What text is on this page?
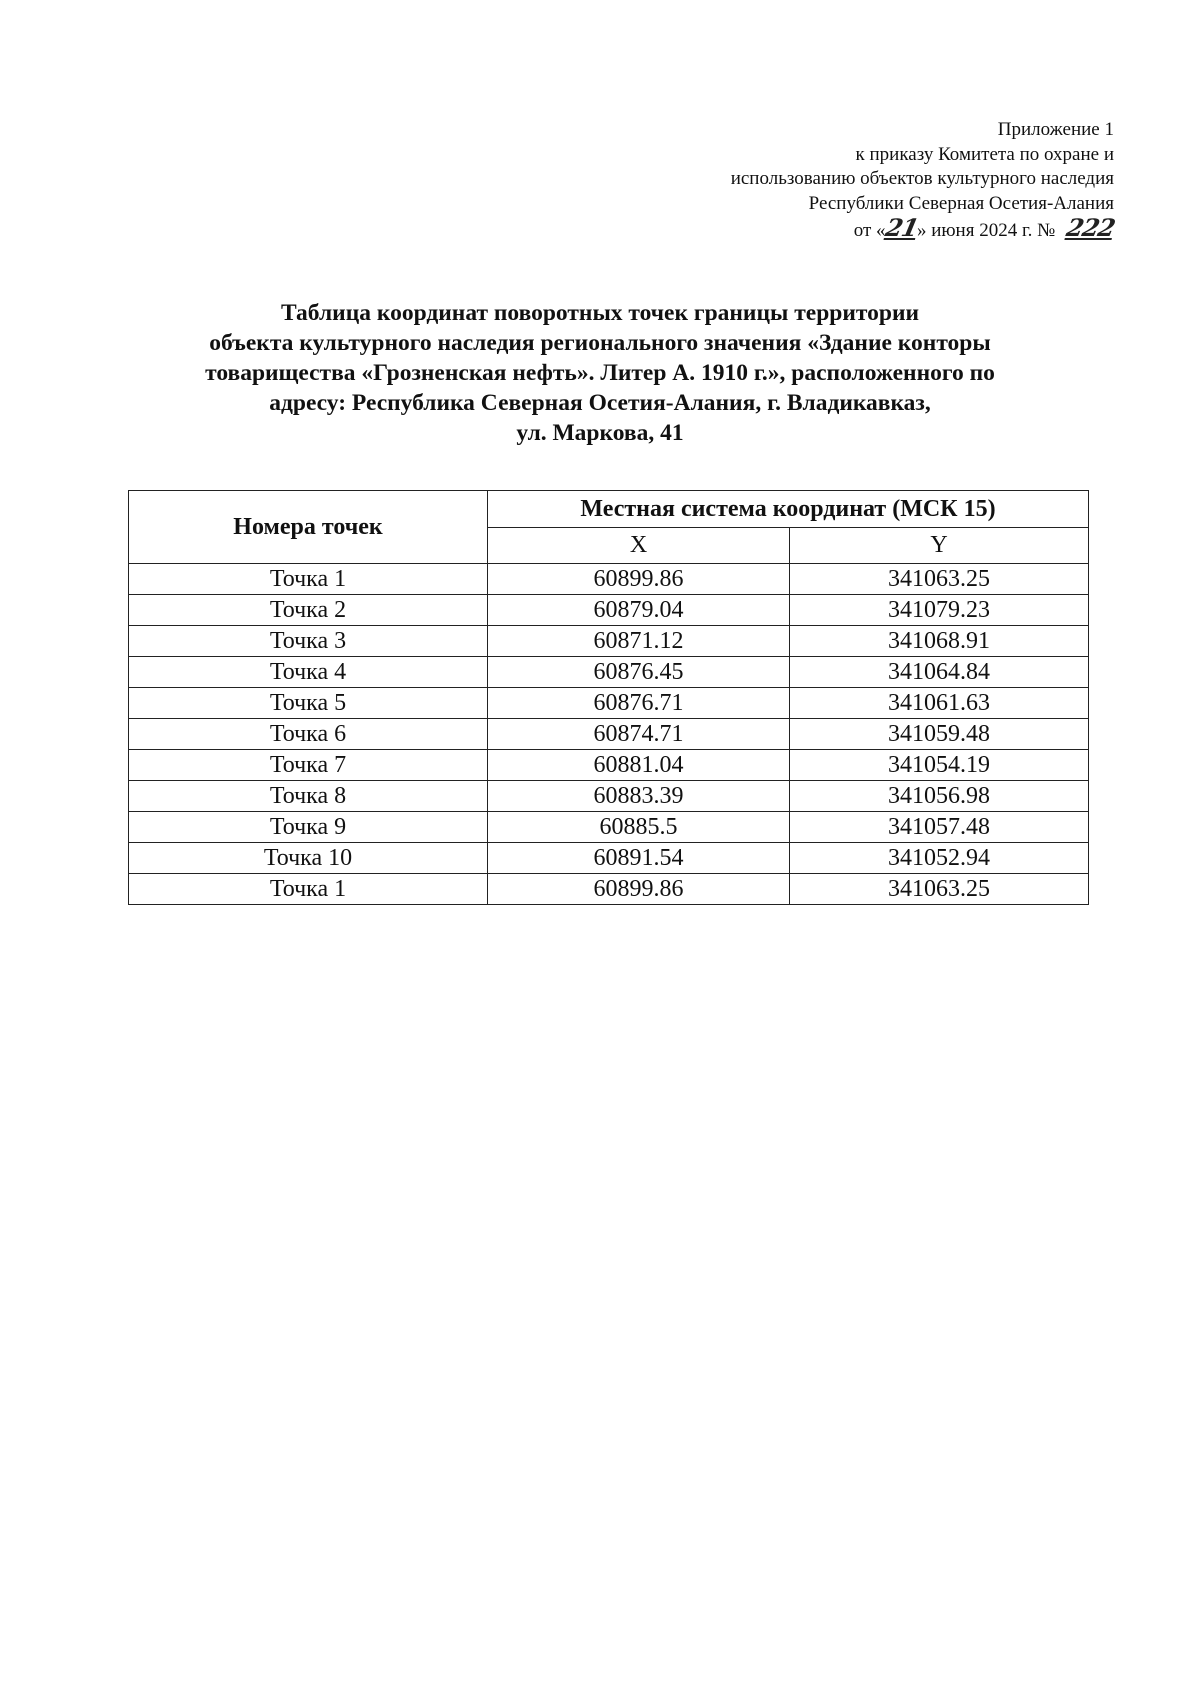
Приложение 1
к приказу Комитета по охране и
использованию объектов культурного наследия
Республики Северная Осетия-Алания
от «21» июня 2024 г. № 222
Таблица координат поворотных точек границы территории
объекта культурного наследия регионального значения «Здание конторы
товарищества «Грозненская нефть». Литер А. 1910 г.», расположенного по
адресу: Республика Северная Осетия-Алания, г. Владикавказ,
ул. Маркова, 41
Номера точек	Местная система координат (МСК 15)	
	X	Y
Точка 1	60899.86	341063.25
Точка 2	60879.04	341079.23
Точка 3	60871.12	341068.91
Точка 4	60876.45	341064.84
Точка 5	60876.71	341061.63
Точка 6	60874.71	341059.48
Точка 7	60881.04	341054.19
Точка 8	60883.39	341056.98
Точка 9	60885.5	341057.48
Точка 10	60891.54	341052.94
Точка 1	60899.86	341063.25
